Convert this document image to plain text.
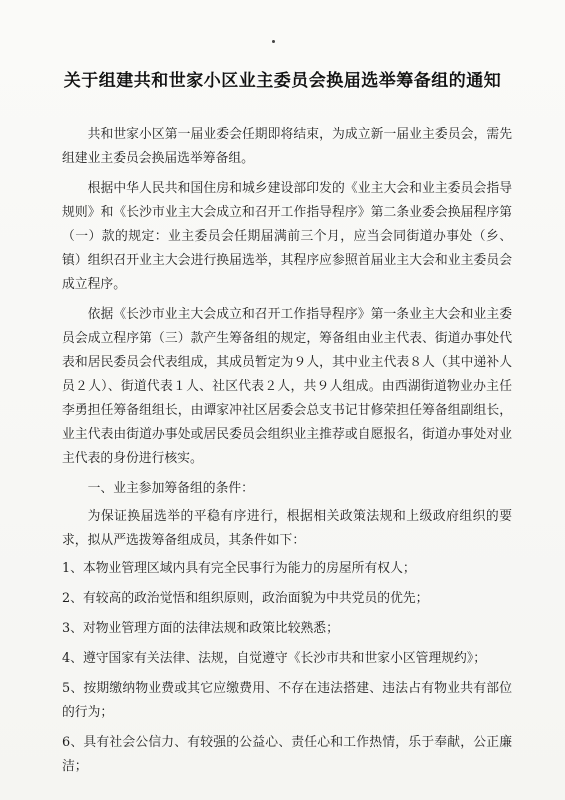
关于组建共和世家小区业主委员会换届选举筹备组的通知

共和世家小区第一届业委会任期即将结束，为成立新一届业主委员会，需先组建业主委员会换届选举筹备组。

根据中华人民共和国住房和城乡建设部印发的《业主大会和业主委员会指导规则》和《长沙市业主大会成立和召开工作指导程序》第二条业委会换届程序第（一）款的规定：业主委员会任期届满前三个月，应当会同街道办事处（乡、镇）组织召开业主大会进行换届选举，其程序应参照首届业主大会和业主委员会成立程序。

依据《长沙市业主大会成立和召开工作指导程序》第一条业主大会和业主委员会成立程序第（三）款产生筹备组的规定，筹备组由业主代表、街道办事处代表和居民委员会代表组成，其成员暂定为９人，其中业主代表８人（其中递补人员２人）、街道代表１人、社区代表２人，共９人组成。由西湖街道物业办主任李勇担任筹备组组长，由谭家冲社区居委会总支书记甘修荣担任筹备组副组长，业主代表由街道办事处或居民委员会组织业主推荐或自愿报名，街道办事处对业主代表的身份进行核实。

一、业主参加筹备组的条件：

为保证换届选举的平稳有序进行，根据相关政策法规和上级政府组织的要求，拟从严选拨筹备组成员，其条件如下：

1、本物业管理区域内具有完全民事行为能力的房屋所有权人；

2、有较高的政治觉悟和组织原则，政治面貌为中共党员的优先；

3、对物业管理方面的法律法规和政策比较熟悉；

4、遵守国家有关法律、法规，自觉遵守《长沙市共和世家小区管理规约》；

5、按期缴纳物业费或其它应缴费用、不存在违法搭建、违法占有物业共有部位的行为；

6、具有社会公信力、有较强的公益心、责任心和工作热情，乐于奉献，公正廉洁；
